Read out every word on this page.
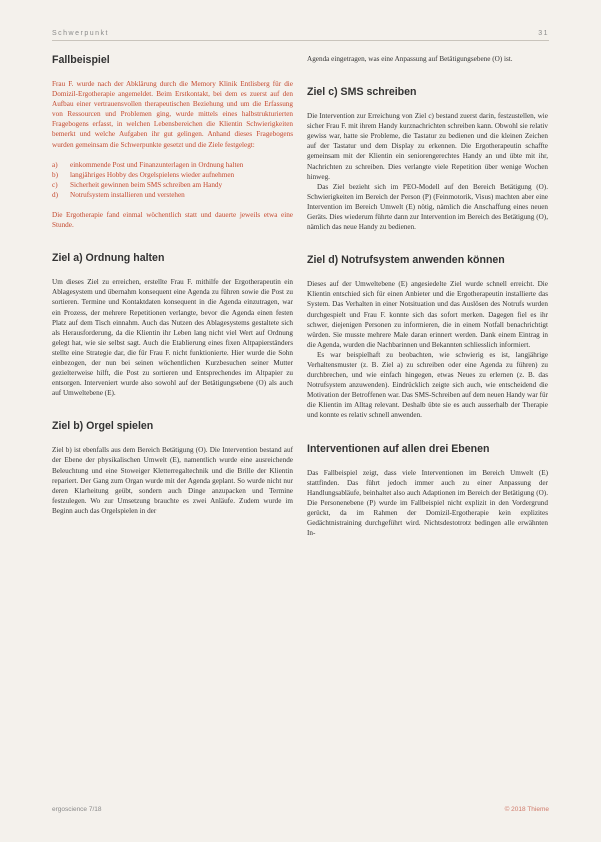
Schwerpunkt	31
Fallbeispiel

Frau F. wurde nach der Abklärung durch die Memory Klinik Entlisberg für die Domizil-Ergotherapie angemeldet. Beim Erstkontakt, bei dem es zuerst auf den Aufbau einer vertrauensvollen therapeutischen Beziehung und um die Erfassung von Ressourcen und Problemen ging, wurde mittels eines halbstrukturierten Fragebogens erfasst, in welchen Lebensbereichen die Klientin Schwierigkeiten bemerkt und welche Aufgaben ihr gut gelingen. Anhand dieses Fragebogens wurden gemeinsam die Schwerpunkte gesetzt und die Ziele festgelegt:

a) einkommende Post und Finanzunterlagen in Ordnung halten
b) langjähriges Hobby des Orgelspielens wieder aufnehmen
c) Sicherheit gewinnen beim SMS schreiben am Handy
d) Notrufsystem installieren und verstehen

Die Ergotherapie fand einmal wöchentlich statt und dauerte jeweils etwa eine Stunde.

Ziel a) Ordnung halten

Um dieses Ziel zu erreichen, erstellte Frau F. mithilfe der Ergotherapeutin ein Ablagesystem und übernahm konsequent eine Agenda zu führen sowie die Post zu sortieren. Termine und Kontaktdaten konsequent in die Agenda einzutragen, war ein Prozess, der mehrere Repetitionen verlangte, bevor die Agenda einen festen Platz auf dem Tisch einnahm. Auch das Nutzen des Ablagesystems gestaltete sich als Herausforderung, da die Klientin ihr Leben lang nicht viel Wert auf Ordnung gelegt hat, wie sie selbst sagt. Auch die Etablierung eines fixen Altpapierständers stellte eine Strategie dar, die für Frau F. nicht funktionierte. Hier wurde die Sohn einbezogen, der nun bei seinen wöchentlichen Kurzbesuchen seiner Mutter gezielterweise hilft, die Post zu sortieren und Entsprechendes im Altpapier zu entsorgen. Interveniert wurde also sowohl auf der Betätigungsebene (O) als auch auf Umweltebene (E).

Ziel b) Orgel spielen

Ziel b) ist ebenfalls aus dem Bereich Betätigung (O). Die Intervention bestand auf der Ebene der physikalischen Umwelt (E), namentlich wurde eine ausreichende Beleuchtung und eine Stoweiger Kletterregaltechnik und die Brille der Klientin repariert. Der Gang zum Organ wurde mit der Agenda geplant. So wurde nicht nur deren Klarheitung geübt, sondern auch Dinge anzupacken und Termine festzulegen. Wo zur Umsetzung brauchte es zwei Anläufe. Zudem wurde im Beginn auch das Orgelspielen in der

Agenda eingetragen, was eine Anpassung auf Betätigungsebene (O) ist.

Ziel c) SMS schreiben

Die Intervention zur Erreichung von Ziel c) bestand zuerst darin, festzustellen, wie sicher Frau F. mit ihrem Handy kurznachrichten schreiben kann. Obwohl sie relativ gewiss war, hatte sie Probleme, die Tastatur zu bedienen und die kleinen Zeichen auf der Tastatur und dem Display zu erkennen. Die Ergotherapeutin schaffte gemeinsam mit der Klientin ein seniorengerechtes Handy an und übte mit ihr, Nachrichten zu schreiben. Dies verlangte viele Repetition über wenige Wochen hinweg.

Das Ziel bezieht sich im PEO-Modell auf den Bereich Betätigung (O). Schwierigkeiten im Bereich der Person (P) (Feinmotorik, Visus) machten aber eine Intervention im Bereich Umwelt (E) nötig, nämlich die Anschaffung eines neuen Geräts. Dies wiederum führte dann zur Intervention im Bereich des Betätigung (O), nämlich das neue Handy zu bedienen.

Ziel d) Notrufsystem anwenden können

Dieses auf der Umweltebene (E) angesiedelte Ziel wurde schnell erreicht. Die Klientin entschied sich für einen Anbieter und die Ergotherapeutin installierte das System. Das Verhalten in einer Notsituation und das Auslösen des Notrufs wurden durchgespielt und Frau F. konnte sich das sofort merken. Dagegen fiel es ihr schwer, diejenigen Personen zu informieren, die in einem Notfall benachrichtigt würden. Sie musste mehrere Male daran erinnert werden. Dank einem Eintrag in die Agenda, wurden die Nachbarinnen und Bekannten schliesslich informiert.

Es war beispielhaft zu beobachten, wie schwierig es ist, langjährige Verhaltensmuster (z. B. Ziel a) zu schreiben oder eine Agenda zu führen) zu durchbrechen, und wie einfach hingegen, etwas Neues zu erlernen (z. B. das Notrufsystem anzuwenden). Eindrücklich zeigte sich auch, wie entscheidend die Motivation der Betroffenen war. Das SMS-Schreiben auf dem neuen Handy war für die Klientin im Alltag relevant. Deshalb übte sie es auch ausserhalb der Therapie und konnte es relativ schnell anwenden.

Interventionen auf allen drei Ebenen

Das Fallbeispiel zeigt, dass viele Interventionen im Bereich Umwelt (E) stattfinden. Das führt jedoch immer auch zu einer Anpassung der Handlungsabläufe, beinhaltet also auch Adaptionen im Bereich der Betätigung (O). Die Personenebene (P) wurde im Fallbeispiel nicht explizit in den Vordergrund gerückt, da im Rahmen der Domizil-Ergotherapie kein explizites Gedächtnistraining durchgeführt wird. Nichtsdestotrotz bedingen alle erwähnten In-

ergoscience 7/18	© 2018 Thieme
